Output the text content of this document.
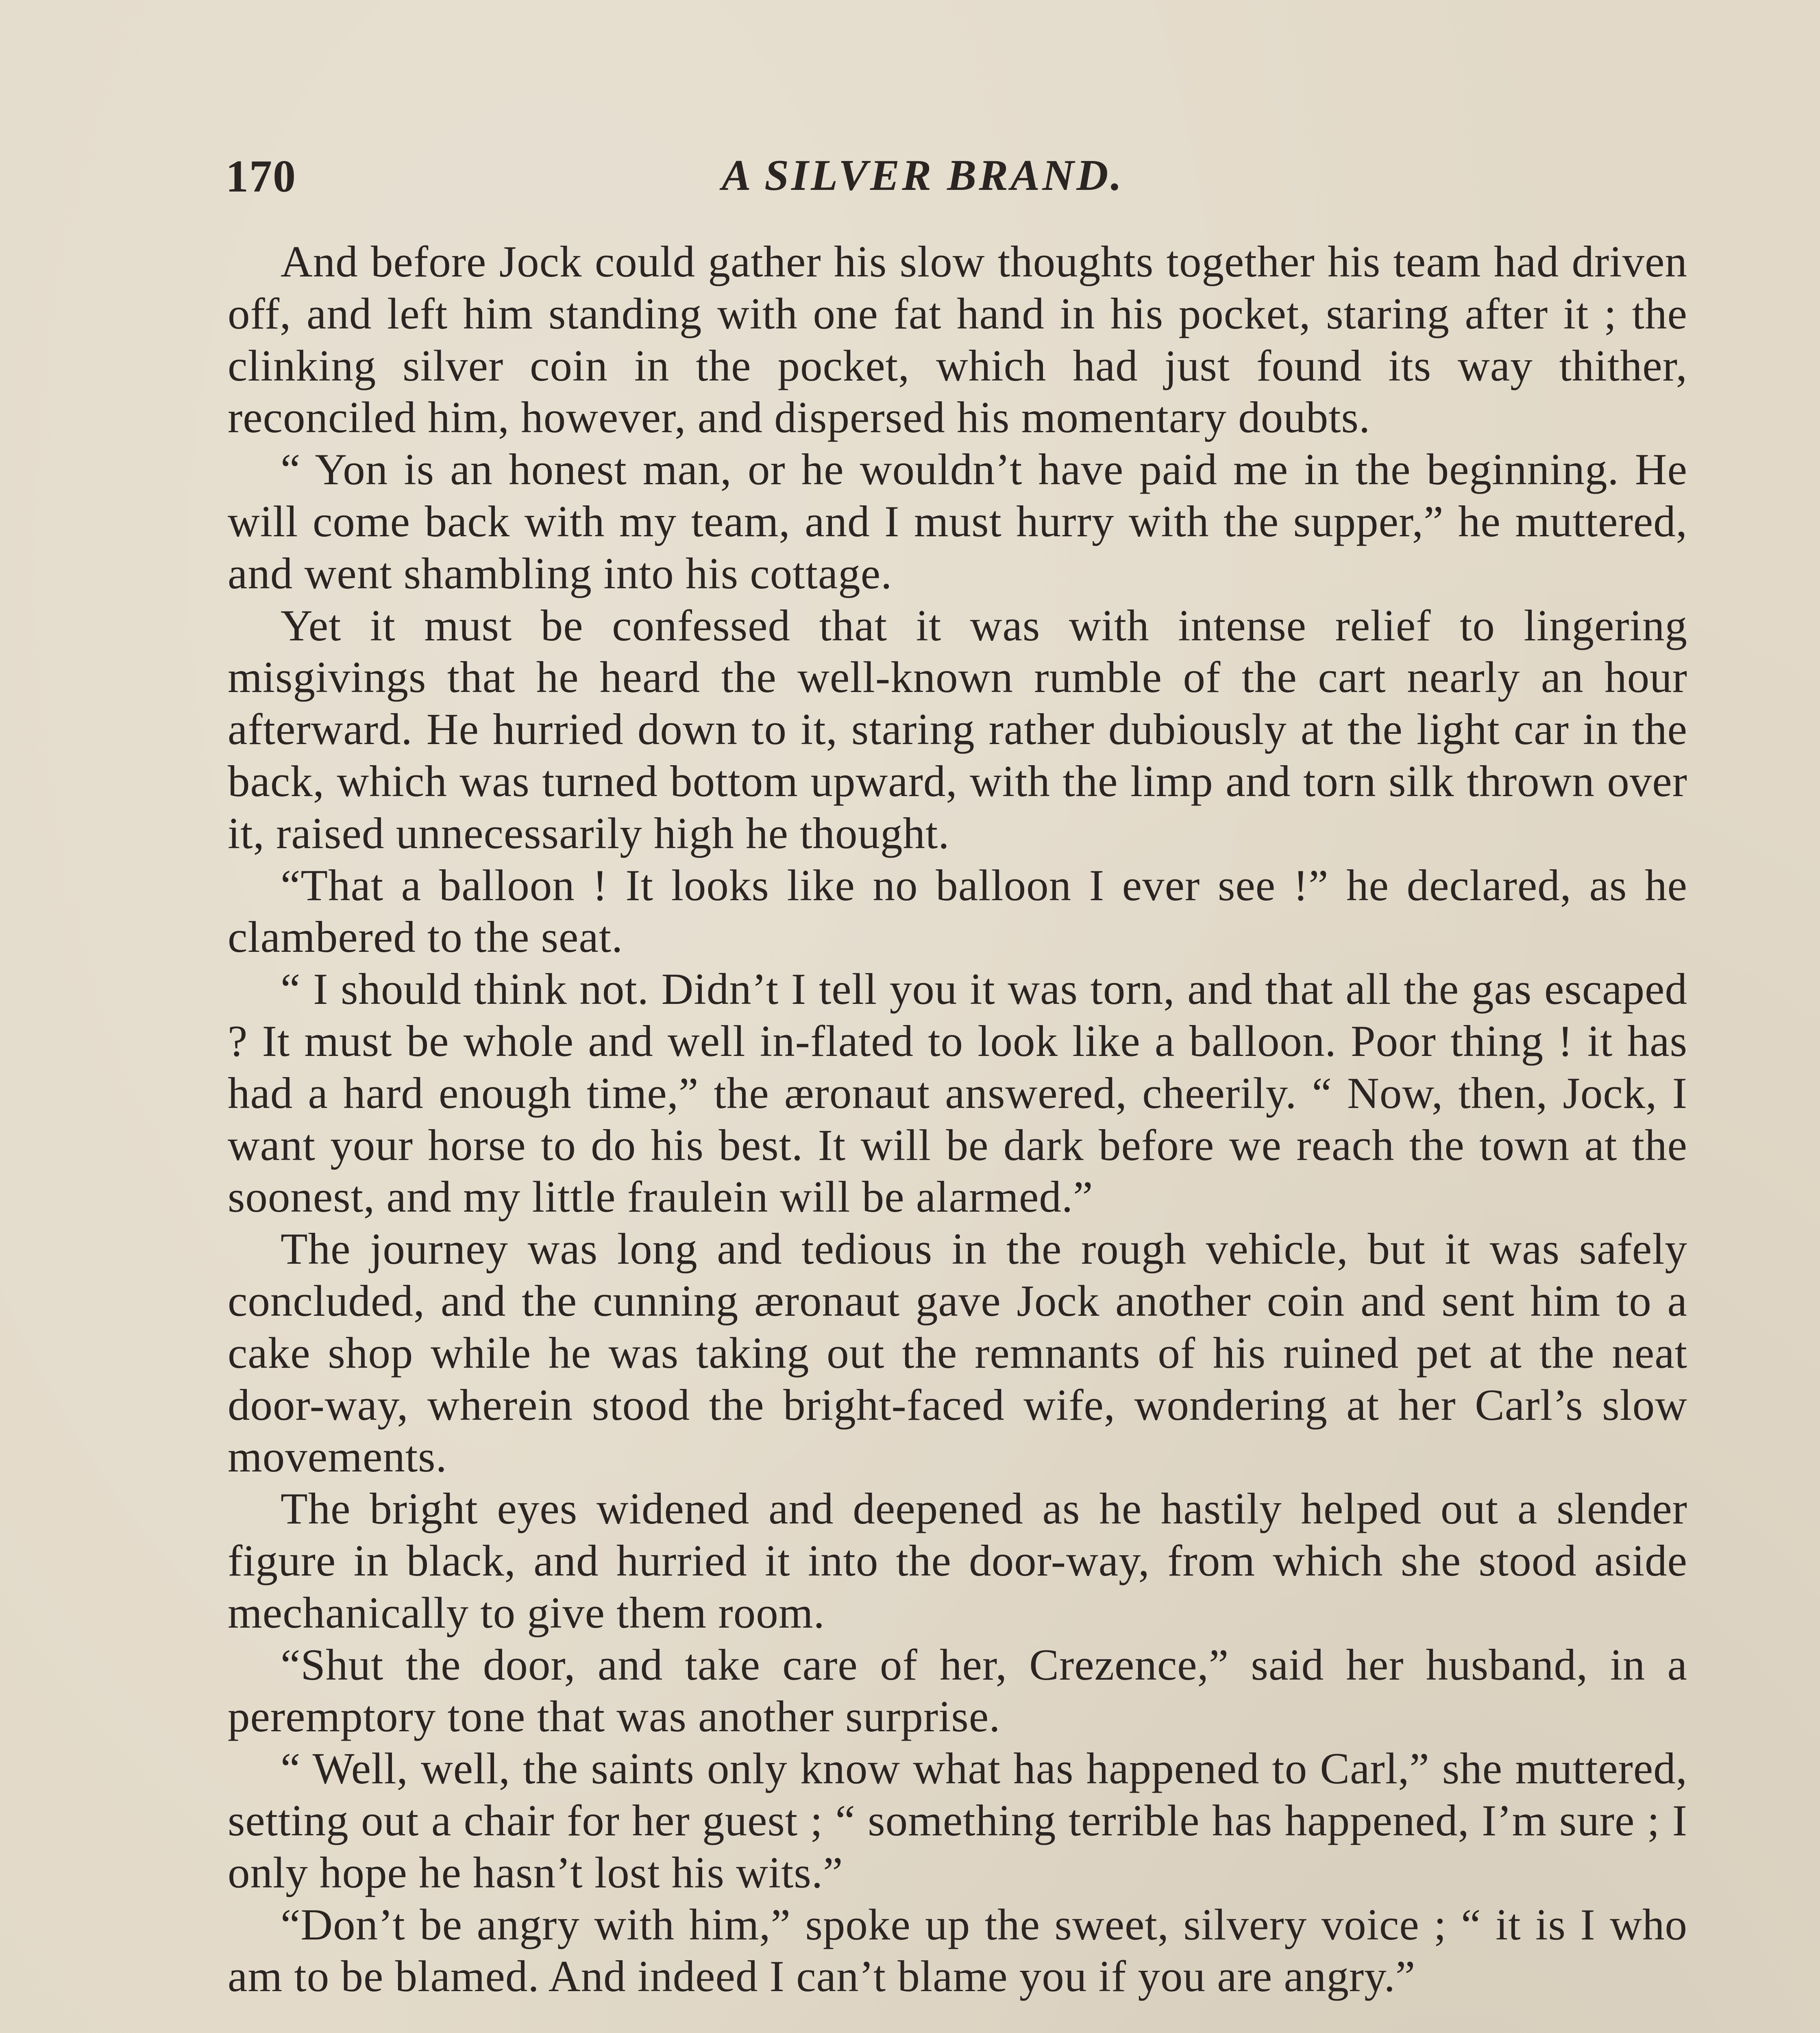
170	A SILVER BRAND.

And before Jock could gather his slow thoughts together his team had driven off, and left him standing with one fat hand in his pocket, staring after it ; the clinking silver coin in the pocket, which had just found its way thither, reconciled him, however, and dispersed his momentary doubts.

“ Yon is an honest man, or he wouldn’t have paid me in the beginning. He will come back with my team, and I must hurry with the supper,” he muttered, and went shambling into his cottage.

Yet it must be confessed that it was with intense relief to lingering misgivings that he heard the well-known rumble of the cart nearly an hour afterward. He hurried down to it, staring rather dubiously at the light car in the back, which was turned bottom upward, with the limp and torn silk thrown over it, raised unnecessarily high he thought.

“That a balloon ! It looks like no balloon I ever see !” he declared, as he clambered to the seat.

“ I should think not. Didn’t I tell you it was torn, and that all the gas escaped ? It must be whole and well in-flated to look like a balloon. Poor thing ! it has had a hard enough time,” the æronaut answered, cheerily. “ Now, then, Jock, I want your horse to do his best. It will be dark before we reach the town at the soonest, and my little fraulein will be alarmed.”

The journey was long and tedious in the rough vehicle, but it was safely concluded, and the cunning æronaut gave Jock another coin and sent him to a cake shop while he was taking out the remnants of his ruined pet at the neat door-way, wherein stood the bright-faced wife, wondering at her Carl’s slow movements.

The bright eyes widened and deepened as he hastily helped out a slender figure in black, and hurried it into the door-way, from which she stood aside mechanically to give them room.

“Shut the door, and take care of her, Crezence,” said her husband, in a peremptory tone that was another surprise.

“ Well, well, the saints only know what has happened to Carl,” she muttered, setting out a chair for her guest ; “ something terrible has happened, I’m sure ; I only hope he hasn’t lost his wits.”

“Don’t be angry with him,” spoke up the sweet, silvery voice ; “ it is I who am to be blamed. And indeed I can’t blame you if you are angry.”
